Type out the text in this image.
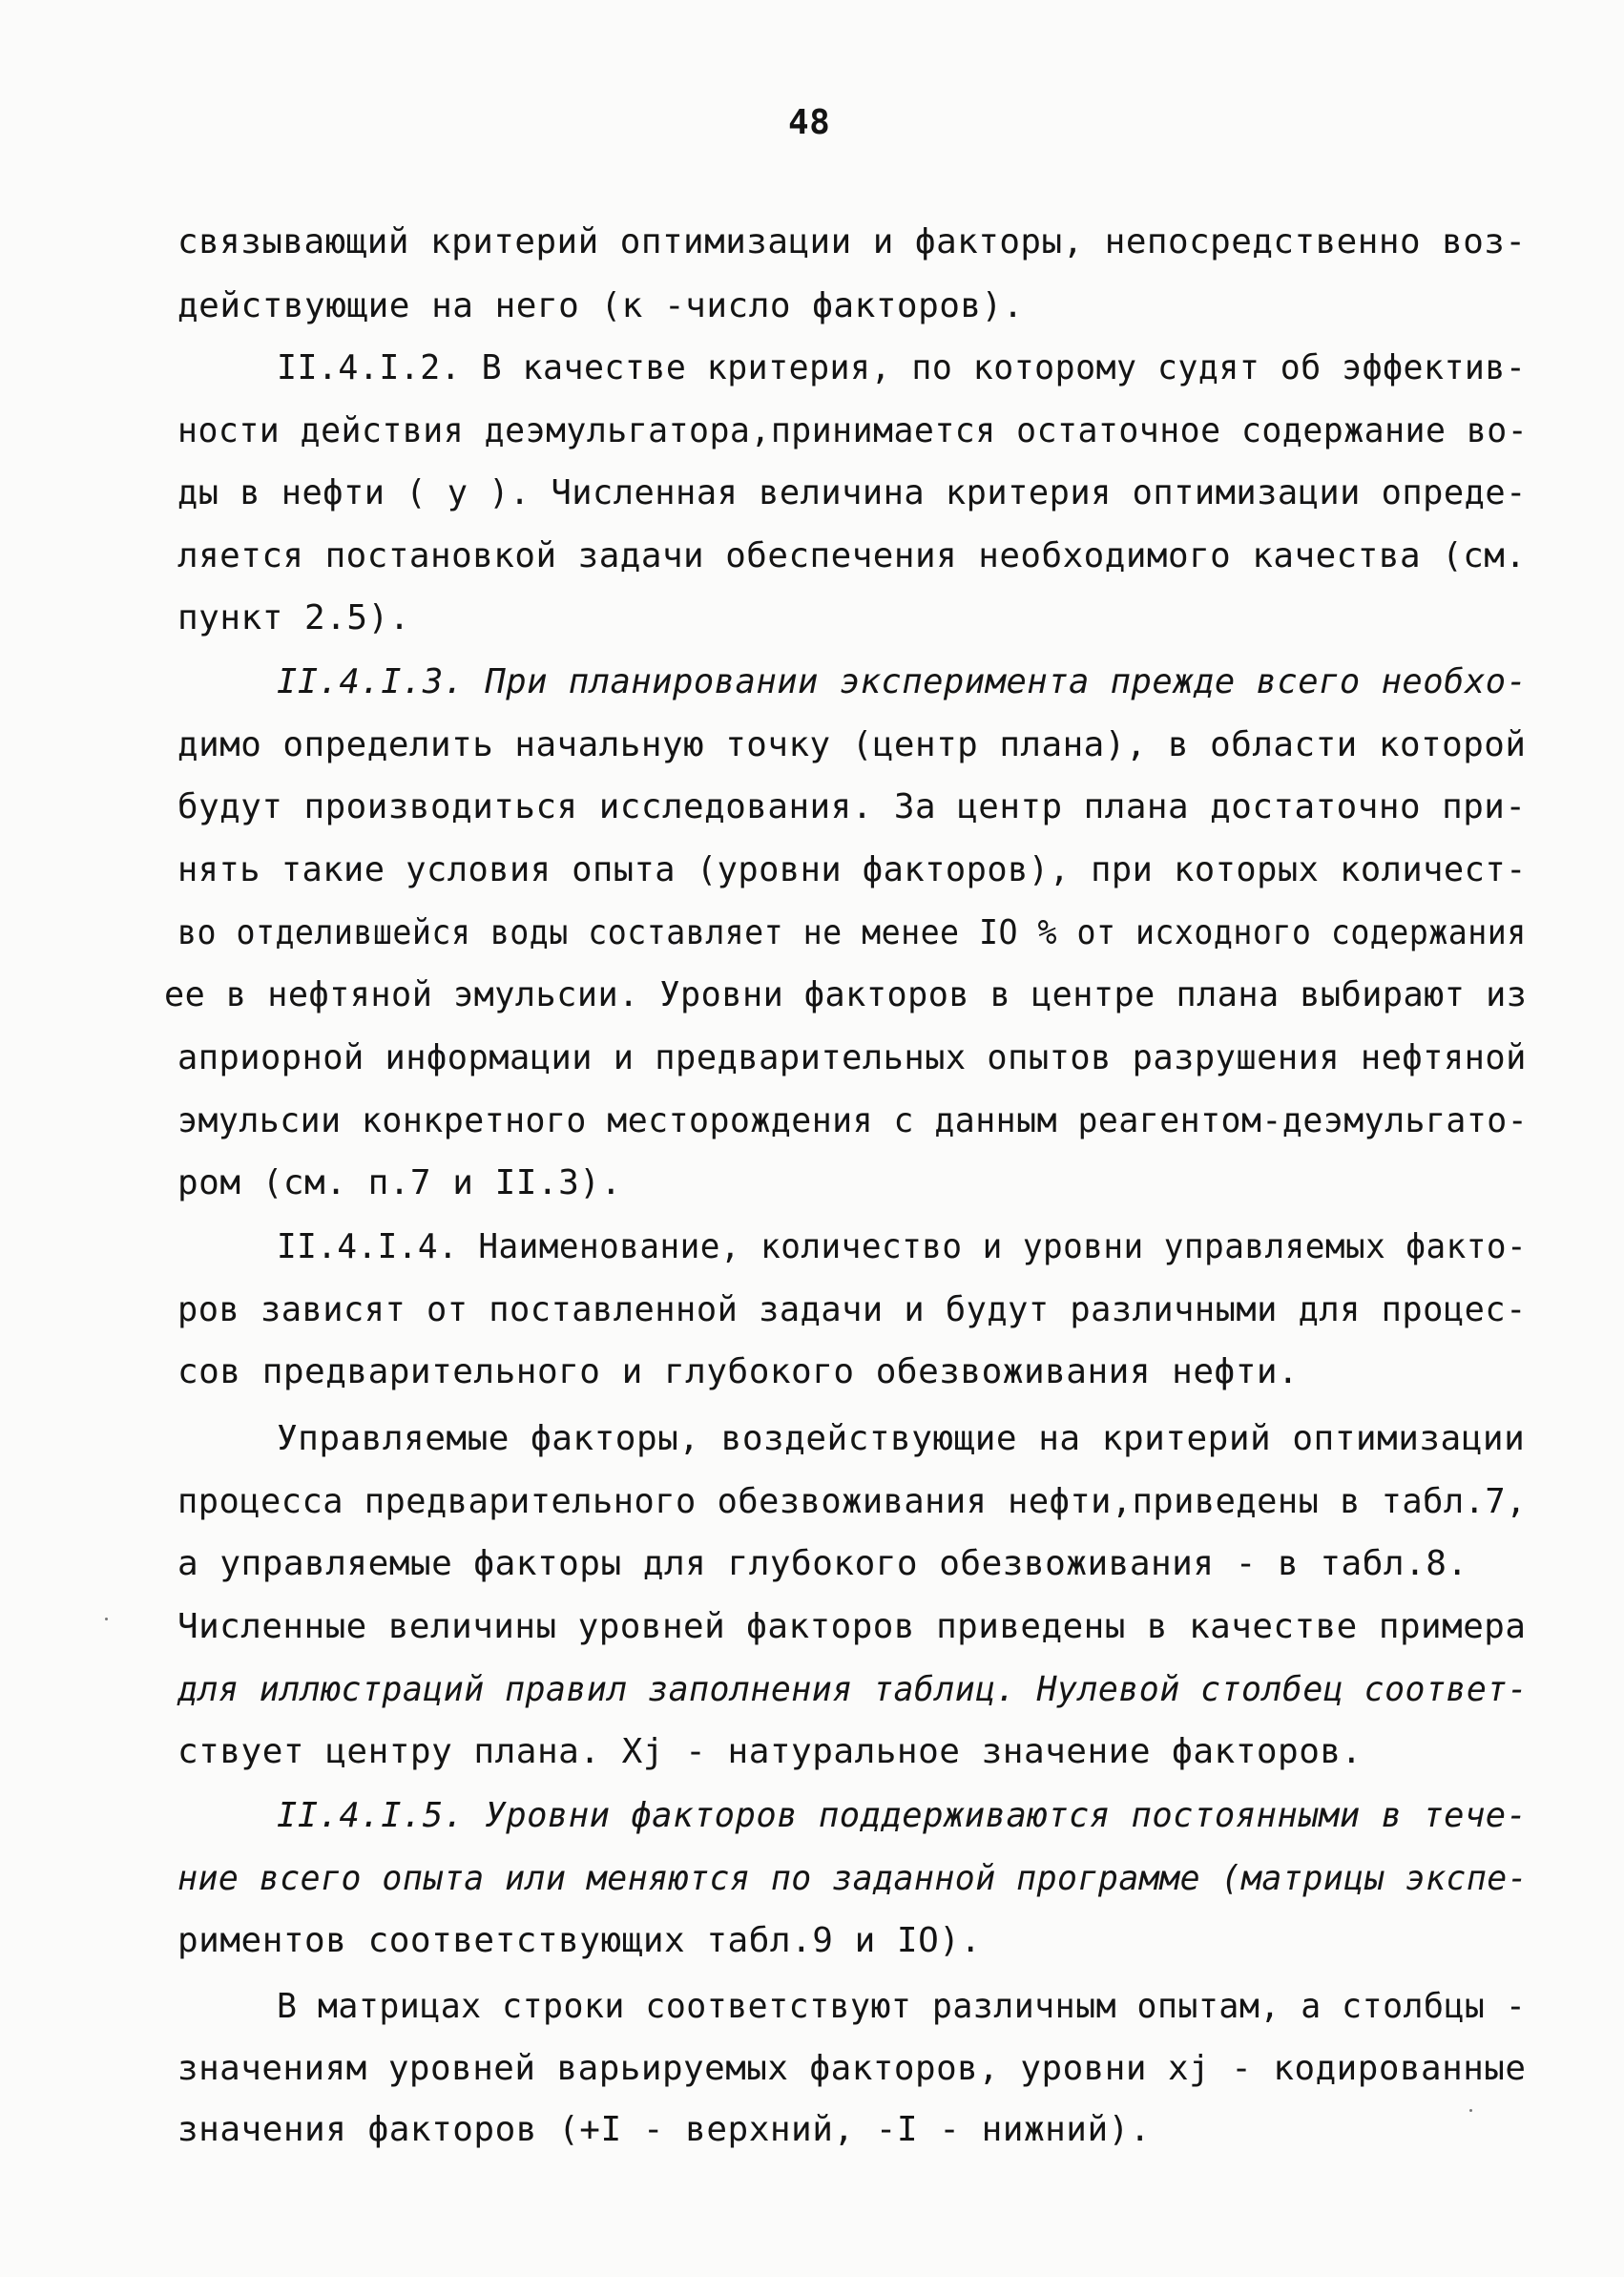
48
связывающий критерий оптимизации и факторы, непосредственно воз-
действующие на него (к -число факторов).
II.4.I.2. В качестве критерия, по которому судят об эффектив-
ности действия деэмульгатора,принимается остаточное содержание во-
ды в нефти ( y ). Численная величина критерия оптимизации опреде-
ляется постановкой задачи обеспечения необходимого качества (см.
пункт 2.5).
II.4.I.3. При планировании эксперимента прежде всего необхо-
димо определить начальную точку (центр плана), в области которой
будут производиться исследования. За центр плана достаточно при-
нять такие условия опыта (уровни факторов), при которых количест-
во отделившейся воды составляет не менее IO % от исходного содержания
ее в нефтяной эмульсии. Уровни факторов в центре плана выбирают из
априорной информации и предварительных опытов разрушения нефтяной
эмульсии конкретного месторождения с данным реагентом-деэмульгато-
ром (см. п.7 и II.3).
II.4.I.4. Наименование, количество и уровни управляемых факто-
ров зависят от поставленной задачи и будут различными для процес-
сов предварительного и глубокого обезвоживания нефти.
Управляемые факторы, воздействующие на критерий оптимизации
процесса предварительного обезвоживания нефти,приведены в табл.7,
а управляемые факторы для глубокого обезвоживания - в табл.8.
Численные величины уровней факторов приведены в качестве примера
для иллюстраций правил заполнения таблиц. Нулевой столбец соответ-
ствует центру плана. Xj - натуральное значение факторов.
II.4.I.5. Уровни факторов поддерживаются постоянными в тече-
ние всего опыта или меняются по заданной программе (матрицы экспе-
риментов соответствующих табл.9 и IO).
В матрицах строки соответствуют различным опытам, а столбцы -
значениям уровней варьируемых факторов, уровни xj - кодированные
значения факторов (+I - верхний, -I - нижний).
